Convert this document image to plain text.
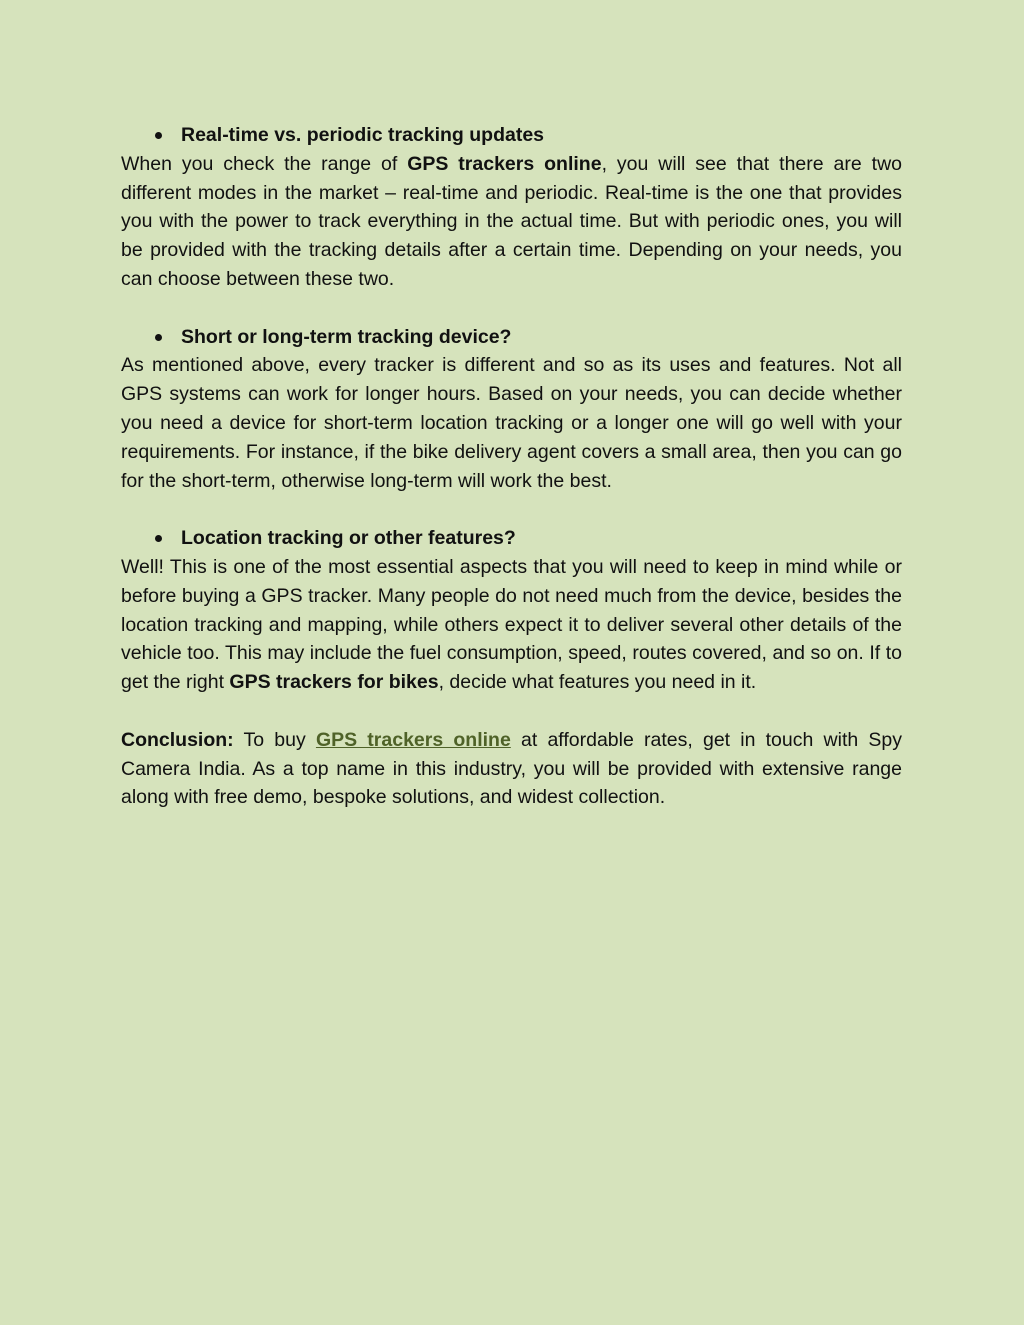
Real-time vs. periodic tracking updates

When you check the range of GPS trackers online, you will see that there are two different modes in the market – real-time and periodic. Real-time is the one that provides you with the power to track everything in the actual time. But with periodic ones, you will be provided with the tracking details after a certain time. Depending on your needs, you can choose between these two.

Short or long-term tracking device?

As mentioned above, every tracker is different and so as its uses and features. Not all GPS systems can work for longer hours. Based on your needs, you can decide whether you need a device for short-term location tracking or a longer one will go well with your requirements. For instance, if the bike delivery agent covers a small area, then you can go for the short-term, otherwise long-term will work the best.

Location tracking or other features?

Well! This is one of the most essential aspects that you will need to keep in mind while or before buying a GPS tracker. Many people do not need much from the device, besides the location tracking and mapping, while others expect it to deliver several other details of the vehicle too. This may include the fuel consumption, speed, routes covered, and so on. If to get the right GPS trackers for bikes, decide what features you need in it.

Conclusion: To buy GPS trackers online at affordable rates, get in touch with Spy Camera India. As a top name in this industry, you will be provided with extensive range along with free demo, bespoke solutions, and widest collection.
